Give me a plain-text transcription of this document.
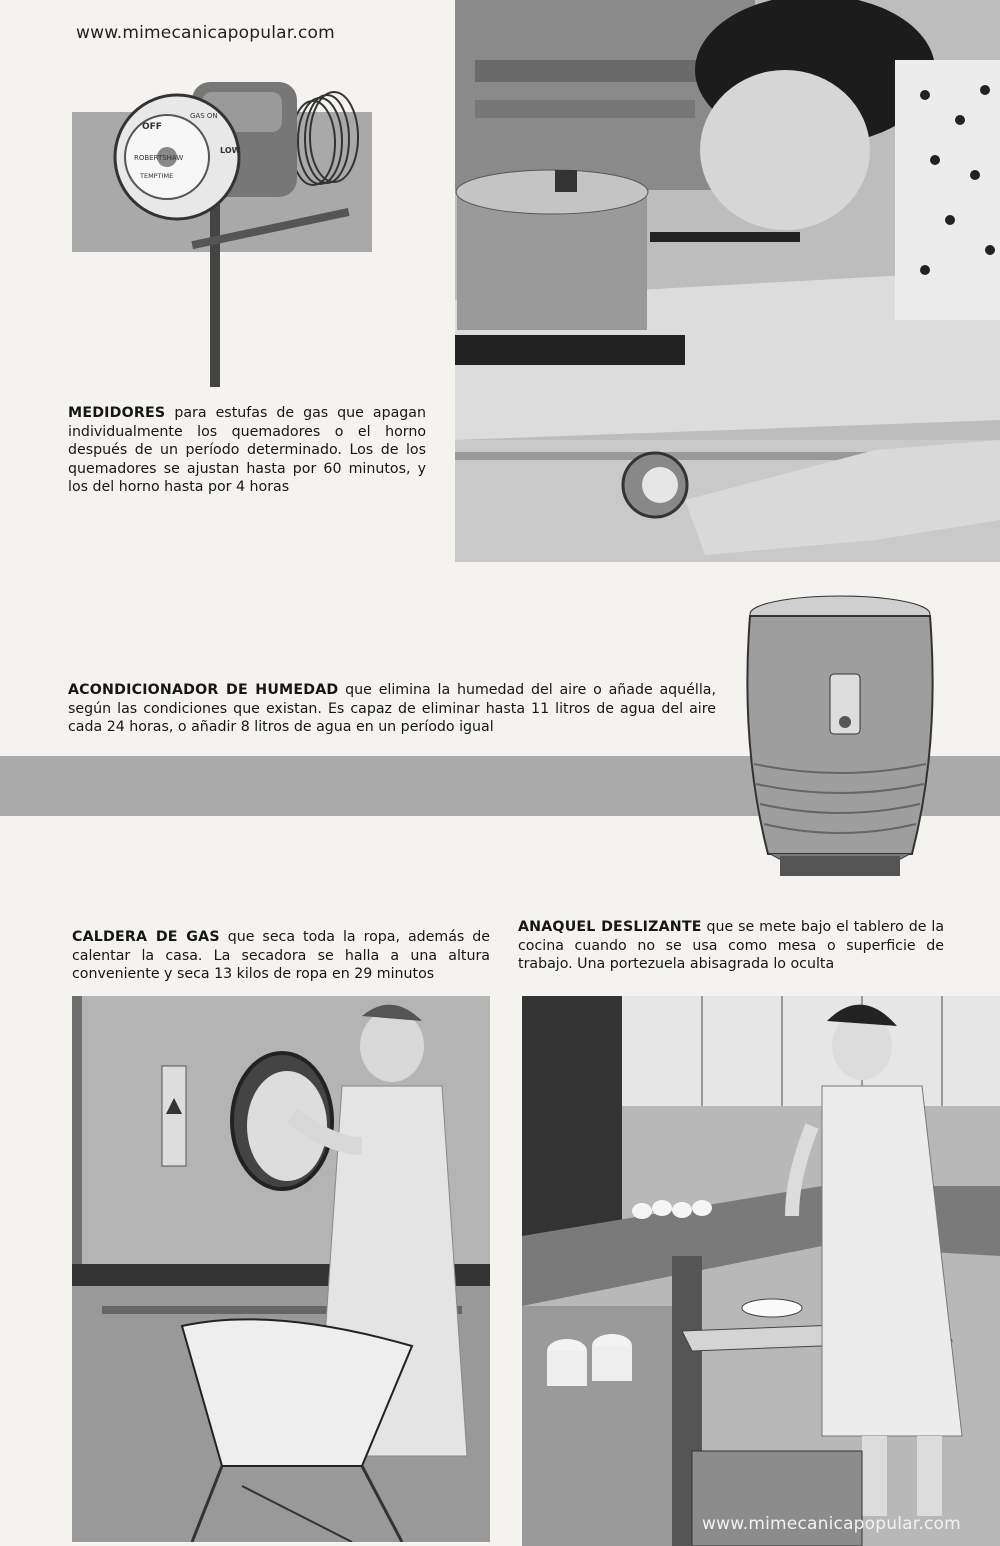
www.mimecanicapopular.com
OFF
GAS ON
ROBERTSHAW
TEMPTIME
LOW
MEDIDORES para estufas de gas que apagan individualmente los quemadores o el horno después de un período determinado. Los de los quemadores se ajustan hasta por 60 minutos, y los del horno hasta por 4 horas
ACONDICIONADOR DE HUMEDAD que elimina la humedad del aire o añade aquélla, según las condiciones que existan. Es capaz de eliminar hasta 11 litros de agua del aire cada 24 horas, o añadir 8 litros de agua en un período igual
CALDERA DE GAS que seca toda la ropa, además de calentar la casa. La secadora se halla a una altura conveniente y seca 13 kilos de ropa en 29 minutos
ANAQUEL DESLIZANTE que se mete bajo el tablero de la cocina cuando no se usa como mesa o superficie de trabajo. Una portezuela abisagrada lo oculta
www.mimecanicapopular.com
